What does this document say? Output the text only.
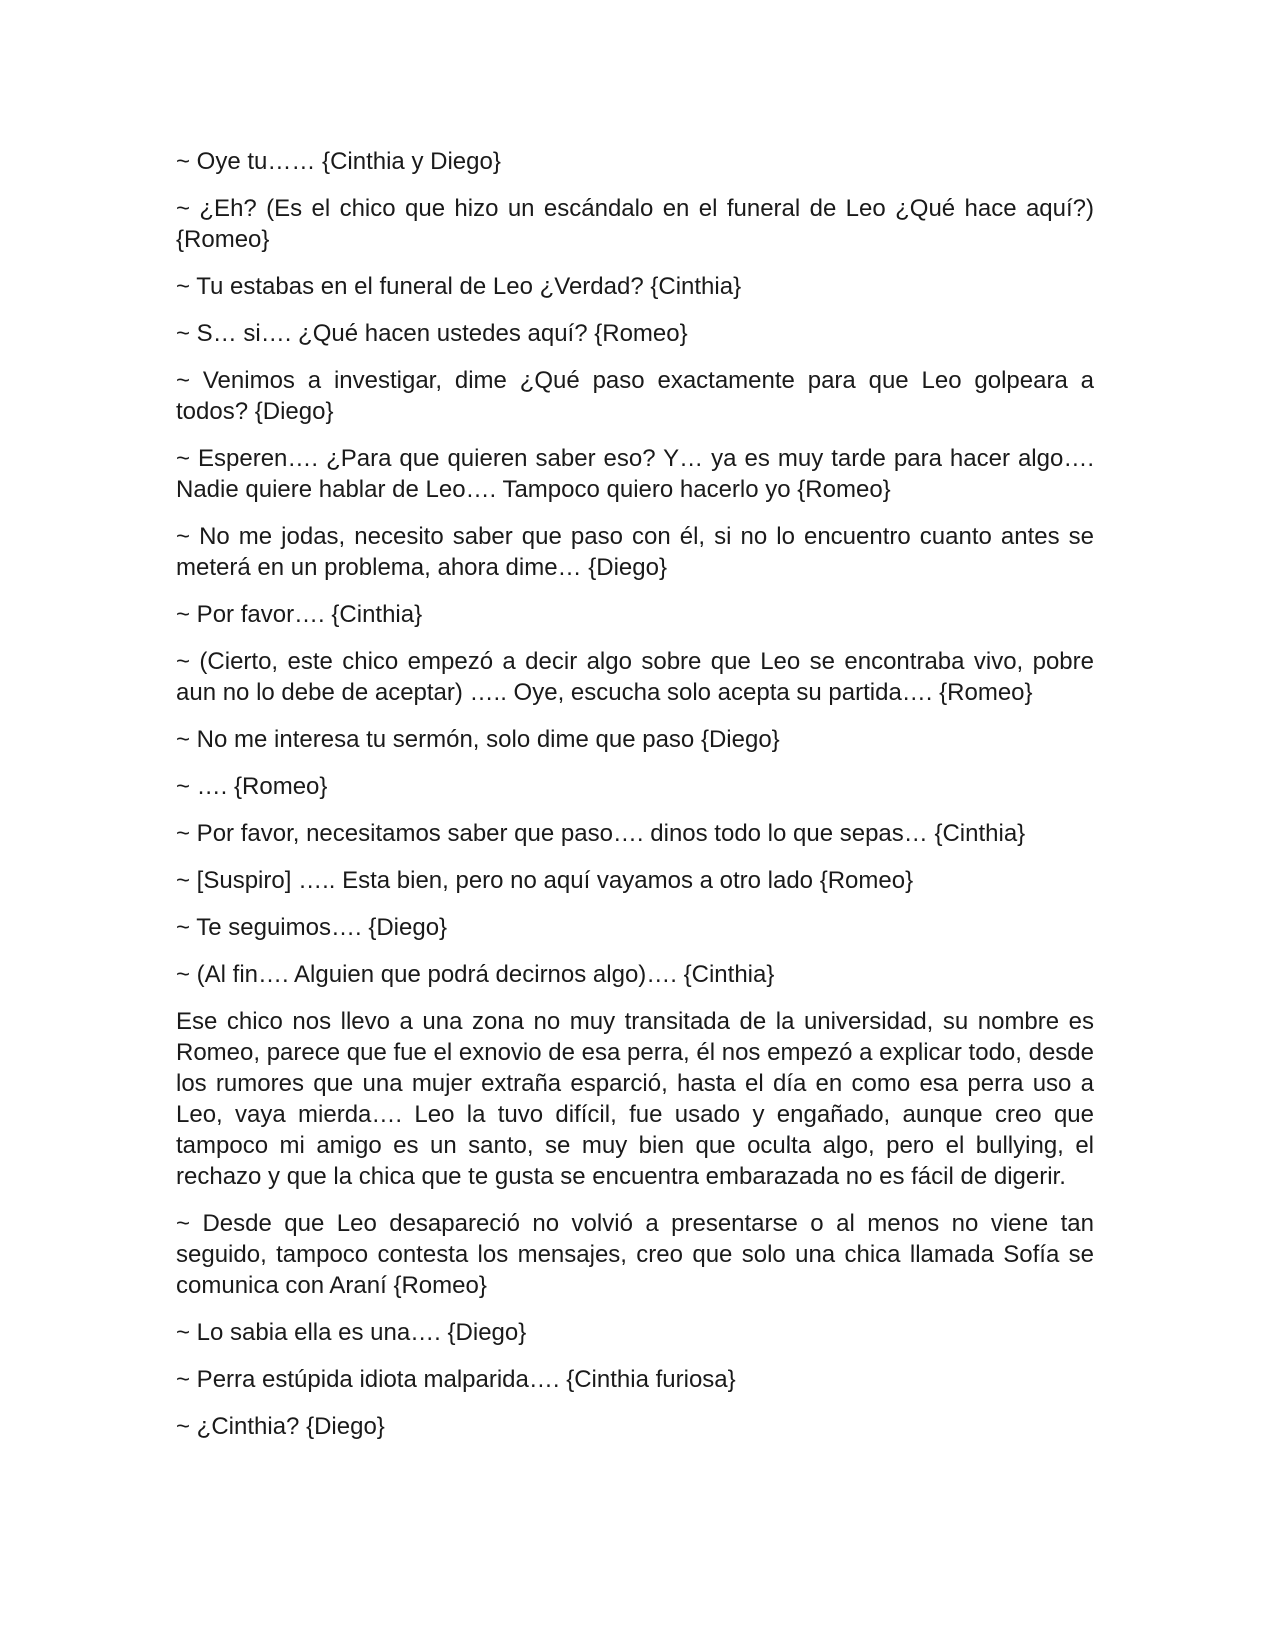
~ Oye tu…… {Cinthia y Diego}

~ ¿Eh? (Es el chico que hizo un escándalo en el funeral de Leo ¿Qué hace aquí?) {Romeo}

~ Tu estabas en el funeral de Leo ¿Verdad? {Cinthia}

~ S… si…. ¿Qué hacen ustedes aquí? {Romeo}

~ Venimos a investigar, dime ¿Qué paso exactamente para que Leo golpeara a todos? {Diego}

~ Esperen…. ¿Para que quieren saber eso? Y… ya es muy tarde para hacer algo…. Nadie quiere hablar de Leo…. Tampoco quiero hacerlo yo {Romeo}

~ No me jodas, necesito saber que paso con él, si no lo encuentro cuanto antes se meterá en un problema, ahora dime… {Diego}

~ Por favor…. {Cinthia}

~ (Cierto, este chico empezó a decir algo sobre que Leo se encontraba vivo, pobre aun no lo debe de aceptar) ….. Oye, escucha solo acepta su partida…. {Romeo}

~ No me interesa tu sermón, solo dime que paso {Diego}

~ …. {Romeo}

~ Por favor, necesitamos saber que paso…. dinos todo lo que sepas… {Cinthia}

~ [Suspiro] ….. Esta bien, pero no aquí vayamos a otro lado {Romeo}

~ Te seguimos…. {Diego}

~ (Al fin…. Alguien que podrá decirnos algo)…. {Cinthia}

Ese chico nos llevo a una zona no muy transitada de la universidad, su nombre es Romeo, parece que fue el exnovio de esa perra, él nos empezó a explicar todo, desde los rumores que una mujer extraña esparció, hasta el día en como esa perra uso a Leo, vaya mierda…. Leo la tuvo difícil, fue usado y engañado, aunque creo que tampoco mi amigo es un santo, se muy bien que oculta algo, pero el bullying, el rechazo y que la chica que te gusta se encuentra embarazada no es fácil de digerir.

~ Desde que Leo desapareció no volvió a presentarse o al menos no viene tan seguido, tampoco contesta los mensajes, creo que solo una chica llamada Sofía se comunica con Araní {Romeo}

~ Lo sabia ella es una…. {Diego}

~ Perra estúpida idiota malparida…. {Cinthia furiosa}

~ ¿Cinthia? {Diego}
